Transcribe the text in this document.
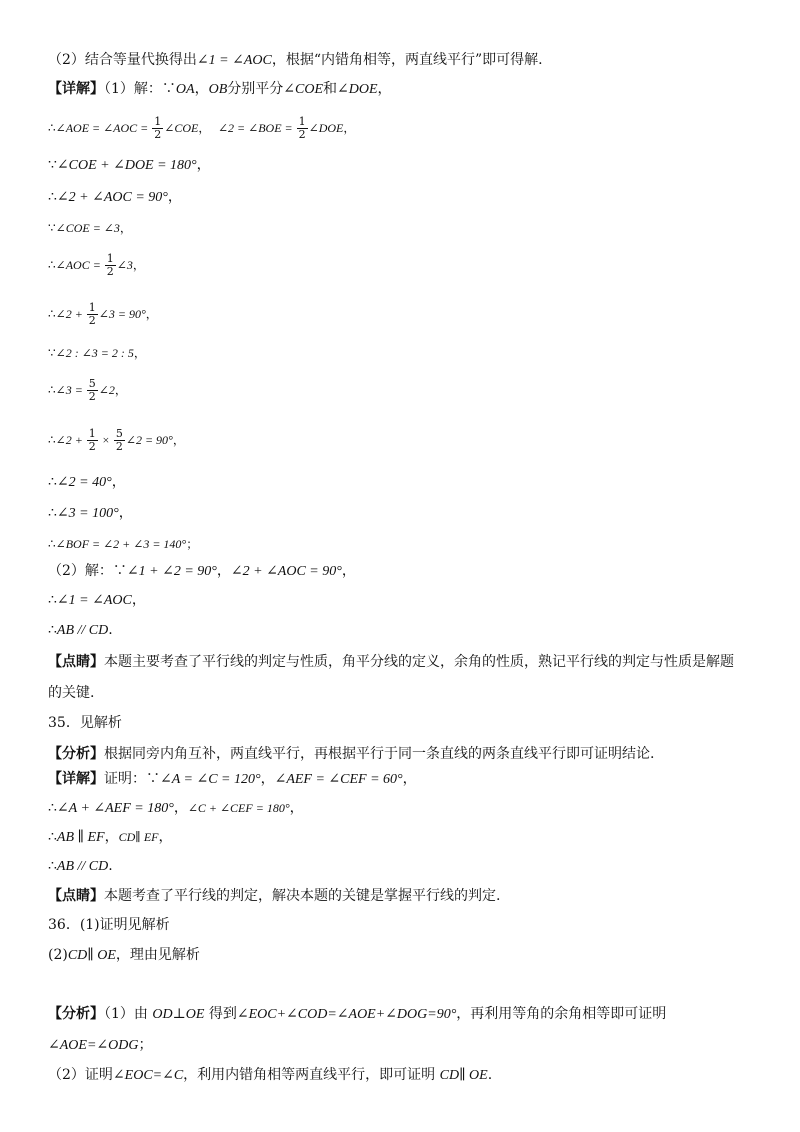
（2）结合等量代换得出∠1 = ∠AOC，根据“内错角相等，两直线平行”即可得解.
【详解】（1）解：∵OA，OB分别平分∠COE和∠DOE，
∴∠AOE = ∠AOC = $\frac{1}{2}$ ∠COE， ∠2 = ∠BOE = $\frac{1}{2}$ ∠DOE，
∵∠COE + ∠DOE = 180°，
∴∠2 + ∠AOC = 90°，
∵∠COE = ∠3，
∴∠AOC = $\frac{1}{2}$ ∠3，
∴∠2 + $\frac{1}{2}$ ∠3 = 90°，
∵∠2 : ∠3 = 2 : 5，
∴∠3 = $\frac{5}{2}$ ∠2，
∴∠2 + $\frac{1}{2} \times \frac{5}{2}$ ∠2 = 90°，
∴∠2 = 40°，
∴∠3 = 100°，
∴∠BOF = ∠2 + ∠3 = 140°；
（2）解：∵∠1 + ∠2 = 90°，∠2 + ∠AOC = 90°，
∴∠1 = ∠AOC，
∴AB // CD.
【点睛】本题主要考查了平行线的判定与性质，角平分线的定义，余角的性质，熟记平行线的判定与性质是解题
的关键.
35．见解析
【分析】根据同旁内角互补，两直线平行，再根据平行于同一条直线的两条直线平行即可证明结论.
【详解】证明：∵∠A = ∠C = 120°，∠AEF = ∠CEF = 60°，
∴∠A + ∠AEF = 180°，∠C + ∠CEF = 180°，
∴AB ∥ EF，CD∥ EF，
∴AB // CD.
【点睛】本题考查了平行线的判定，解决本题的关键是掌握平行线的判定.
36．(1)证明见解析
(2)CD∥ OE，理由见解析
【分析】（1）由 OD⊥OE 得到∠EOC+∠COD=∠AOE+∠DOG=90°，再利用等角的余角相等即可证明
∠AOE=∠ODG；
（2）证明∠EOC=∠C，利用内错角相等两直线平行，即可证明 CD∥ OE.
